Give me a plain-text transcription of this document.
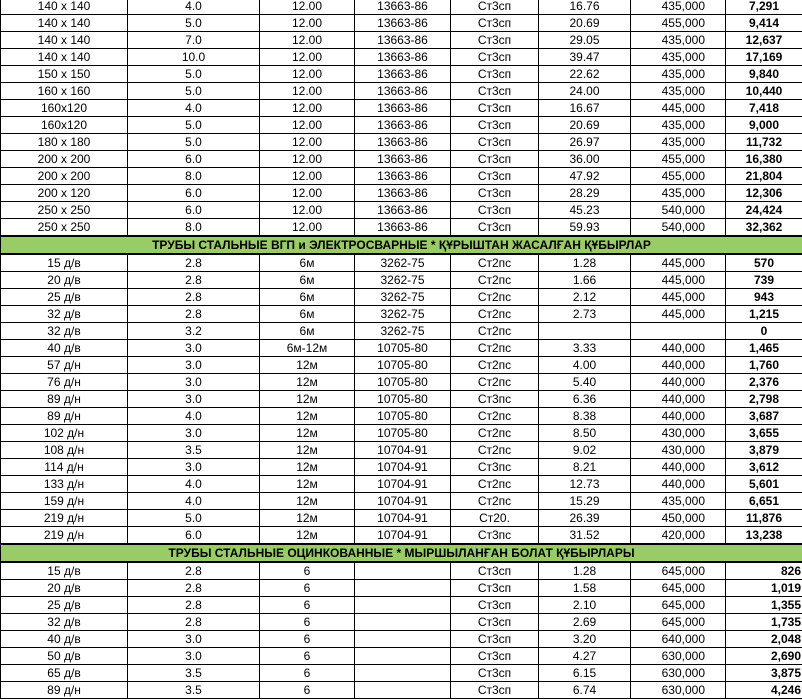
140 x 140	4.0	12.00	13663-86	Ст3сп	16.76	435,000	7,291
140 x 140	5.0	12.00	13663-86	Ст3сп	20.69	455,000	9,414
140 x 140	7.0	12.00	13663-86	Ст3сп	29.05	435,000	12,637
140 x 140	10.0	12.00	13663-86	Ст3сп	39.47	435,000	17,169
150 x 150	5.0	12.00	13663-86	Ст3сп	22.62	435,000	9,840
160 x 160	5.0	12.00	13663-86	Ст3сп	24.00	435,000	10,440
160x120	4.0	12.00	13663-86	Ст3сп	16.67	445,000	7,418
160x120	5.0	12.00	13663-86	Ст3сп	20.69	435,000	9,000
180 x 180	5.0	12.00	13663-86	Ст3сп	26.97	435,000	11,732
200 x 200	6.0	12.00	13663-86	Ст3сп	36.00	455,000	16,380
200 x 200	8.0	12.00	13663-86	Ст3сп	47.92	455,000	21,804
200 x 120	6.0	12.00	13663-86	Ст3сп	28.29	435,000	12,306
250 x 250	6.0	12.00	13663-86	Ст3сп	45.23	540,000	24,424
250 x 250	8.0	12.00	13663-86	Ст3сп	59.93	540,000	32,362
ТРУБЫ СТАЛЬНЫЕ ВГП и ЭЛЕКТРОСВАРНЫЕ * ҚҰРЫШТАН ЖАСАЛҒАН ҚҰБЫРЛАР							
15 д/в	2.8	6м	3262-75	Ст2пс	1.28	445,000	570
20 д/в	2.8	6м	3262-75	Ст2пс	1.66	445,000	739
25 д/в	2.8	6м	3262-75	Ст2пс	2.12	445,000	943
32 д/в	2.8	6м	3262-75	Ст2пс	2.73	445,000	1,215
32 д/в	3.2	6м	3262-75	Ст2пс			0
40 д/в	3.0	6м-12м	10705-80	Ст2пс	3.33	440,000	1,465
57 д/н	3.0	12м	10705-80	Ст2пс	4.00	440,000	1,760
76 д/н	3.0	12м	10705-80	Ст2пс	5.40	440,000	2,376
89 д/н	3.0	12м	10705-80	Ст3пс	6.36	440,000	2,798
89 д/н	4.0	12м	10705-80	Ст2пс	8.38	440,000	3,687
102 д/н	3.0	12м	10705-80	Ст2пс	8.50	430,000	3,655
108 д/н	3.5	12м	10704-91	Ст2пс	9.02	430,000	3,879
114 д/н	3.0	12м	10704-91	Ст3пс	8.21	440,000	3,612
133 д/н	4.0	12м	10704-91	Ст2пс	12.73	440,000	5,601
159 д/н	4.0	12м	10704-91	Ст2пс	15.29	435,000	6,651
219 д/н	5.0	12м	10704-91	Ст20.	26.39	450,000	11,876
219 д/н	6.0	12м	10704-91	Ст3пс	31.52	420,000	13,238
ТРУБЫ СТАЛЬНЫЕ ОЦИНКОВАННЫЕ * МЫРШЫЛАНҒАН БОЛАТ ҚҰБЫРЛАРЫ							
15 д/в	2.8	6		Ст3сп	1.28	645,000	826
20 д/в	2.8	6		Ст3сп	1.58	645,000	1,019
25 д/в	2.8	6		Ст3сп	2.10	645,000	1,355
32 д/в	2.8	6		Ст3сп	2.69	645,000	1,735
40 д/в	3.0	6		Ст3сп	3.20	640,000	2,048
50 д/в	3.0	6		Ст3сп	4.27	630,000	2,690
65 д/в	3.5	6		Ст3сп	6.15	630,000	3,875
89 д/н	3.5	6		Ст3сп	6.74	630,000	4,246
